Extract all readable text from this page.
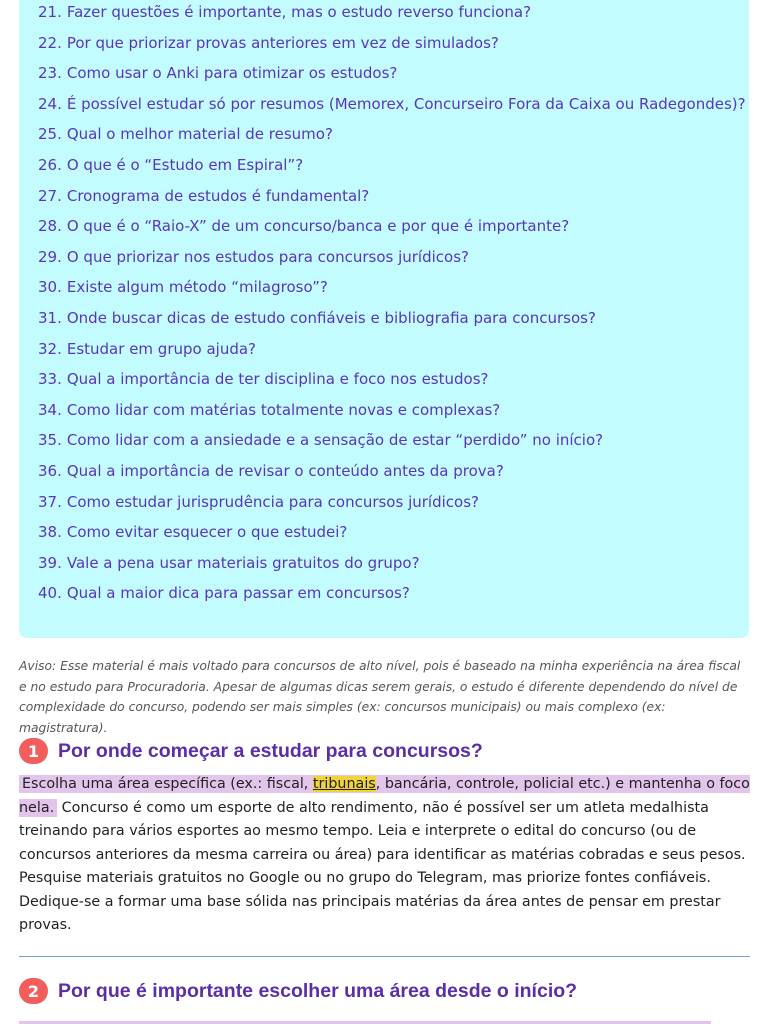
21. Fazer questões é importante, mas o estudo reverso funciona?
22. Por que priorizar provas anteriores em vez de simulados?
23. Como usar o Anki para otimizar os estudos?
24. É possível estudar só por resumos (Memorex, Concurseiro Fora da Caixa ou Radegondes)?
25. Qual o melhor material de resumo?
26. O que é o “Estudo em Espiral”?
27. Cronograma de estudos é fundamental?
28. O que é o “Raio-X” de um concurso/banca e por que é importante?
29. O que priorizar nos estudos para concursos jurídicos?
30. Existe algum método “milagroso”?
31. Onde buscar dicas de estudo confiáveis e bibliografia para concursos?
32. Estudar em grupo ajuda?
33. Qual a importância de ter disciplina e foco nos estudos?
34. Como lidar com matérias totalmente novas e complexas?
35. Como lidar com a ansiedade e a sensação de estar “perdido” no início?
36. Qual a importância de revisar o conteúdo antes da prova?
37. Como estudar jurisprudência para concursos jurídicos?
38. Como evitar esquecer o que estudei?
39. Vale a pena usar materiais gratuitos do grupo?
40. Qual a maior dica para passar em concursos?
Aviso: Esse material é mais voltado para concursos de alto nível, pois é baseado na minha experiência na área fiscal e no estudo para Procuradoria. Apesar de algumas dicas serem gerais, o estudo é diferente dependendo do nível de complexidade do concurso, podendo ser mais simples (ex: concursos municipais) ou mais complexo (ex: magistratura).
1 Por onde começar a estudar para concursos?
Escolha uma área específica (ex.: fiscal, tribunais, bancária, controle, policial etc.) e mantenha o foco nela. Concurso é como um esporte de alto rendimento, não é possível ser um atleta medalhista treinando para vários esportes ao mesmo tempo. Leia e interprete o edital do concurso (ou de concursos anteriores da mesma carreira ou área) para identificar as matérias cobradas e seus pesos. Pesquise materiais gratuitos no Google ou no grupo do Telegram, mas priorize fontes confiáveis. Dedique-se a formar uma base sólida nas principais matérias da área antes de pensar em prestar provas.
2 Por que é importante escolher uma área desde o início?
